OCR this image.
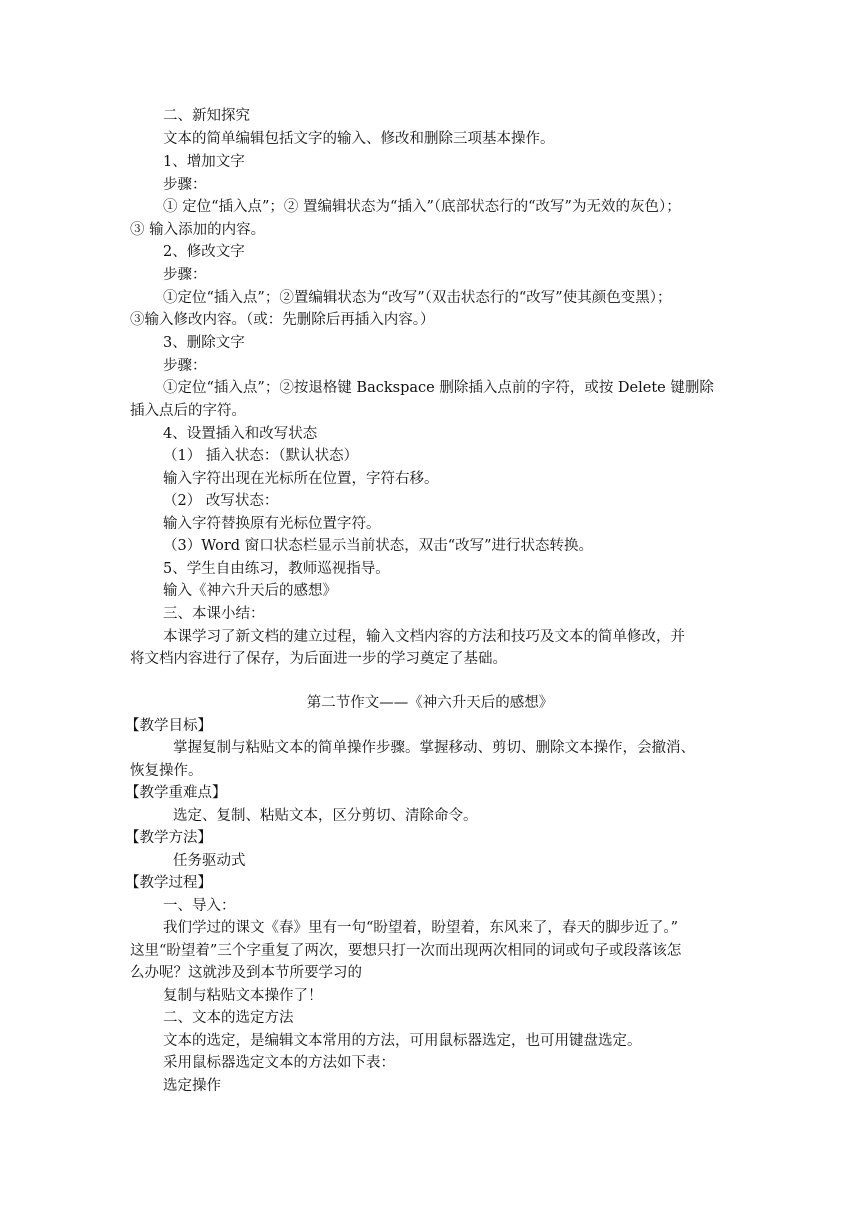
二、新知探究
文本的简单编辑包括文字的输入、修改和删除三项基本操作。
1、增加文字
步骤：
① 定位“插入点”；② 置编辑状态为“插入”（底部状态行的“改写”为无效的灰色）；
③ 输入添加的内容。
2、修改文字
步骤：
①定位“插入点”；②置编辑状态为“改写”（双击状态行的“改写”使其颜色变黑）；
③输入修改内容。（或：先删除后再插入内容。）
3、删除文字
步骤：
①定位“插入点”；②按退格键 Backspace 删除插入点前的字符，或按 Delete 键删除
插入点后的字符。
4、设置插入和改写状态
（1） 插入状态：（默认状态）
输入字符出现在光标所在位置，字符右移。
（2） 改写状态：
输入字符替换原有光标位置字符。
（3）Word 窗口状态栏显示当前状态，双击“改写”进行状态转换。
5、学生自由练习，教师巡视指导。
输入《神六升天后的感想》
三、本课小结：
本课学习了新文档的建立过程，输入文档内容的方法和技巧及文本的简单修改，并
将文档内容进行了保存，为后面进一步的学习奠定了基础。
第二节作文——《神六升天后的感想》
【教学目标】
掌握复制与粘贴文本的简单操作步骤。掌握移动、剪切、删除文本操作，会撤消、
恢复操作。
【教学重难点】
选定、复制、粘贴文本，区分剪切、清除命令。
【教学方法】
任务驱动式
【教学过程】
一、导入：
我们学过的课文《春》里有一句“盼望着，盼望着，东风来了，春天的脚步近了。”
这里“盼望着”三个字重复了两次，要想只打一次而出现两次相同的词或句子或段落该怎
么办呢？这就涉及到本节所要学习的
复制与粘贴文本操作了！
二、文本的选定方法
文本的选定，是编辑文本常用的方法，可用鼠标器选定，也可用键盘选定。
采用鼠标器选定文本的方法如下表：
选定操作
